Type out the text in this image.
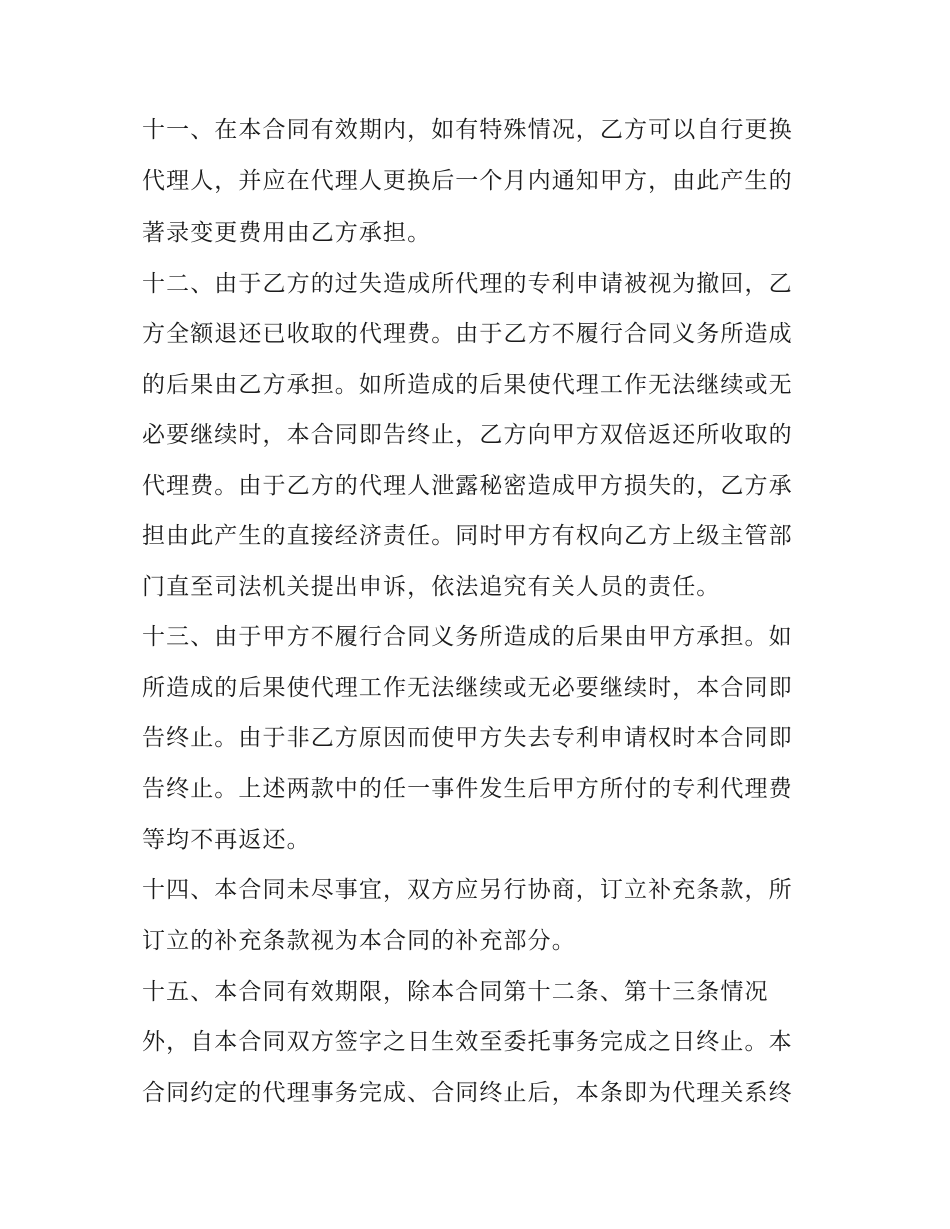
十一、在本合同有效期内，如有特殊情况，乙方可以自行更换

代理人，并应在代理人更换后一个月内通知甲方，由此产生的

著录变更费用由乙方承担。

十二、由于乙方的过失造成所代理的专利申请被视为撤回，乙

方全额退还已收取的代理费。由于乙方不履行合同义务所造成

的后果由乙方承担。如所造成的后果使代理工作无法继续或无

必要继续时，本合同即告终止，乙方向甲方双倍返还所收取的

代理费。由于乙方的代理人泄露秘密造成甲方损失的，乙方承

担由此产生的直接经济责任。同时甲方有权向乙方上级主管部

门直至司法机关提出申诉，依法追究有关人员的责任。

十三、由于甲方不履行合同义务所造成的后果由甲方承担。如

所造成的后果使代理工作无法继续或无必要继续时，本合同即

告终止。由于非乙方原因而使甲方失去专利申请权时本合同即

告终止。上述两款中的任一事件发生后甲方所付的专利代理费

等均不再返还。

十四、本合同未尽事宜，双方应另行协商，订立补充条款，所

订立的补充条款视为本合同的补充部分。

十五、本合同有效期限，除本合同第十二条、第十三条情况

外，自本合同双方签字之日生效至委托事务完成之日终止。本

合同约定的代理事务完成、合同终止后，本条即为代理关系终
